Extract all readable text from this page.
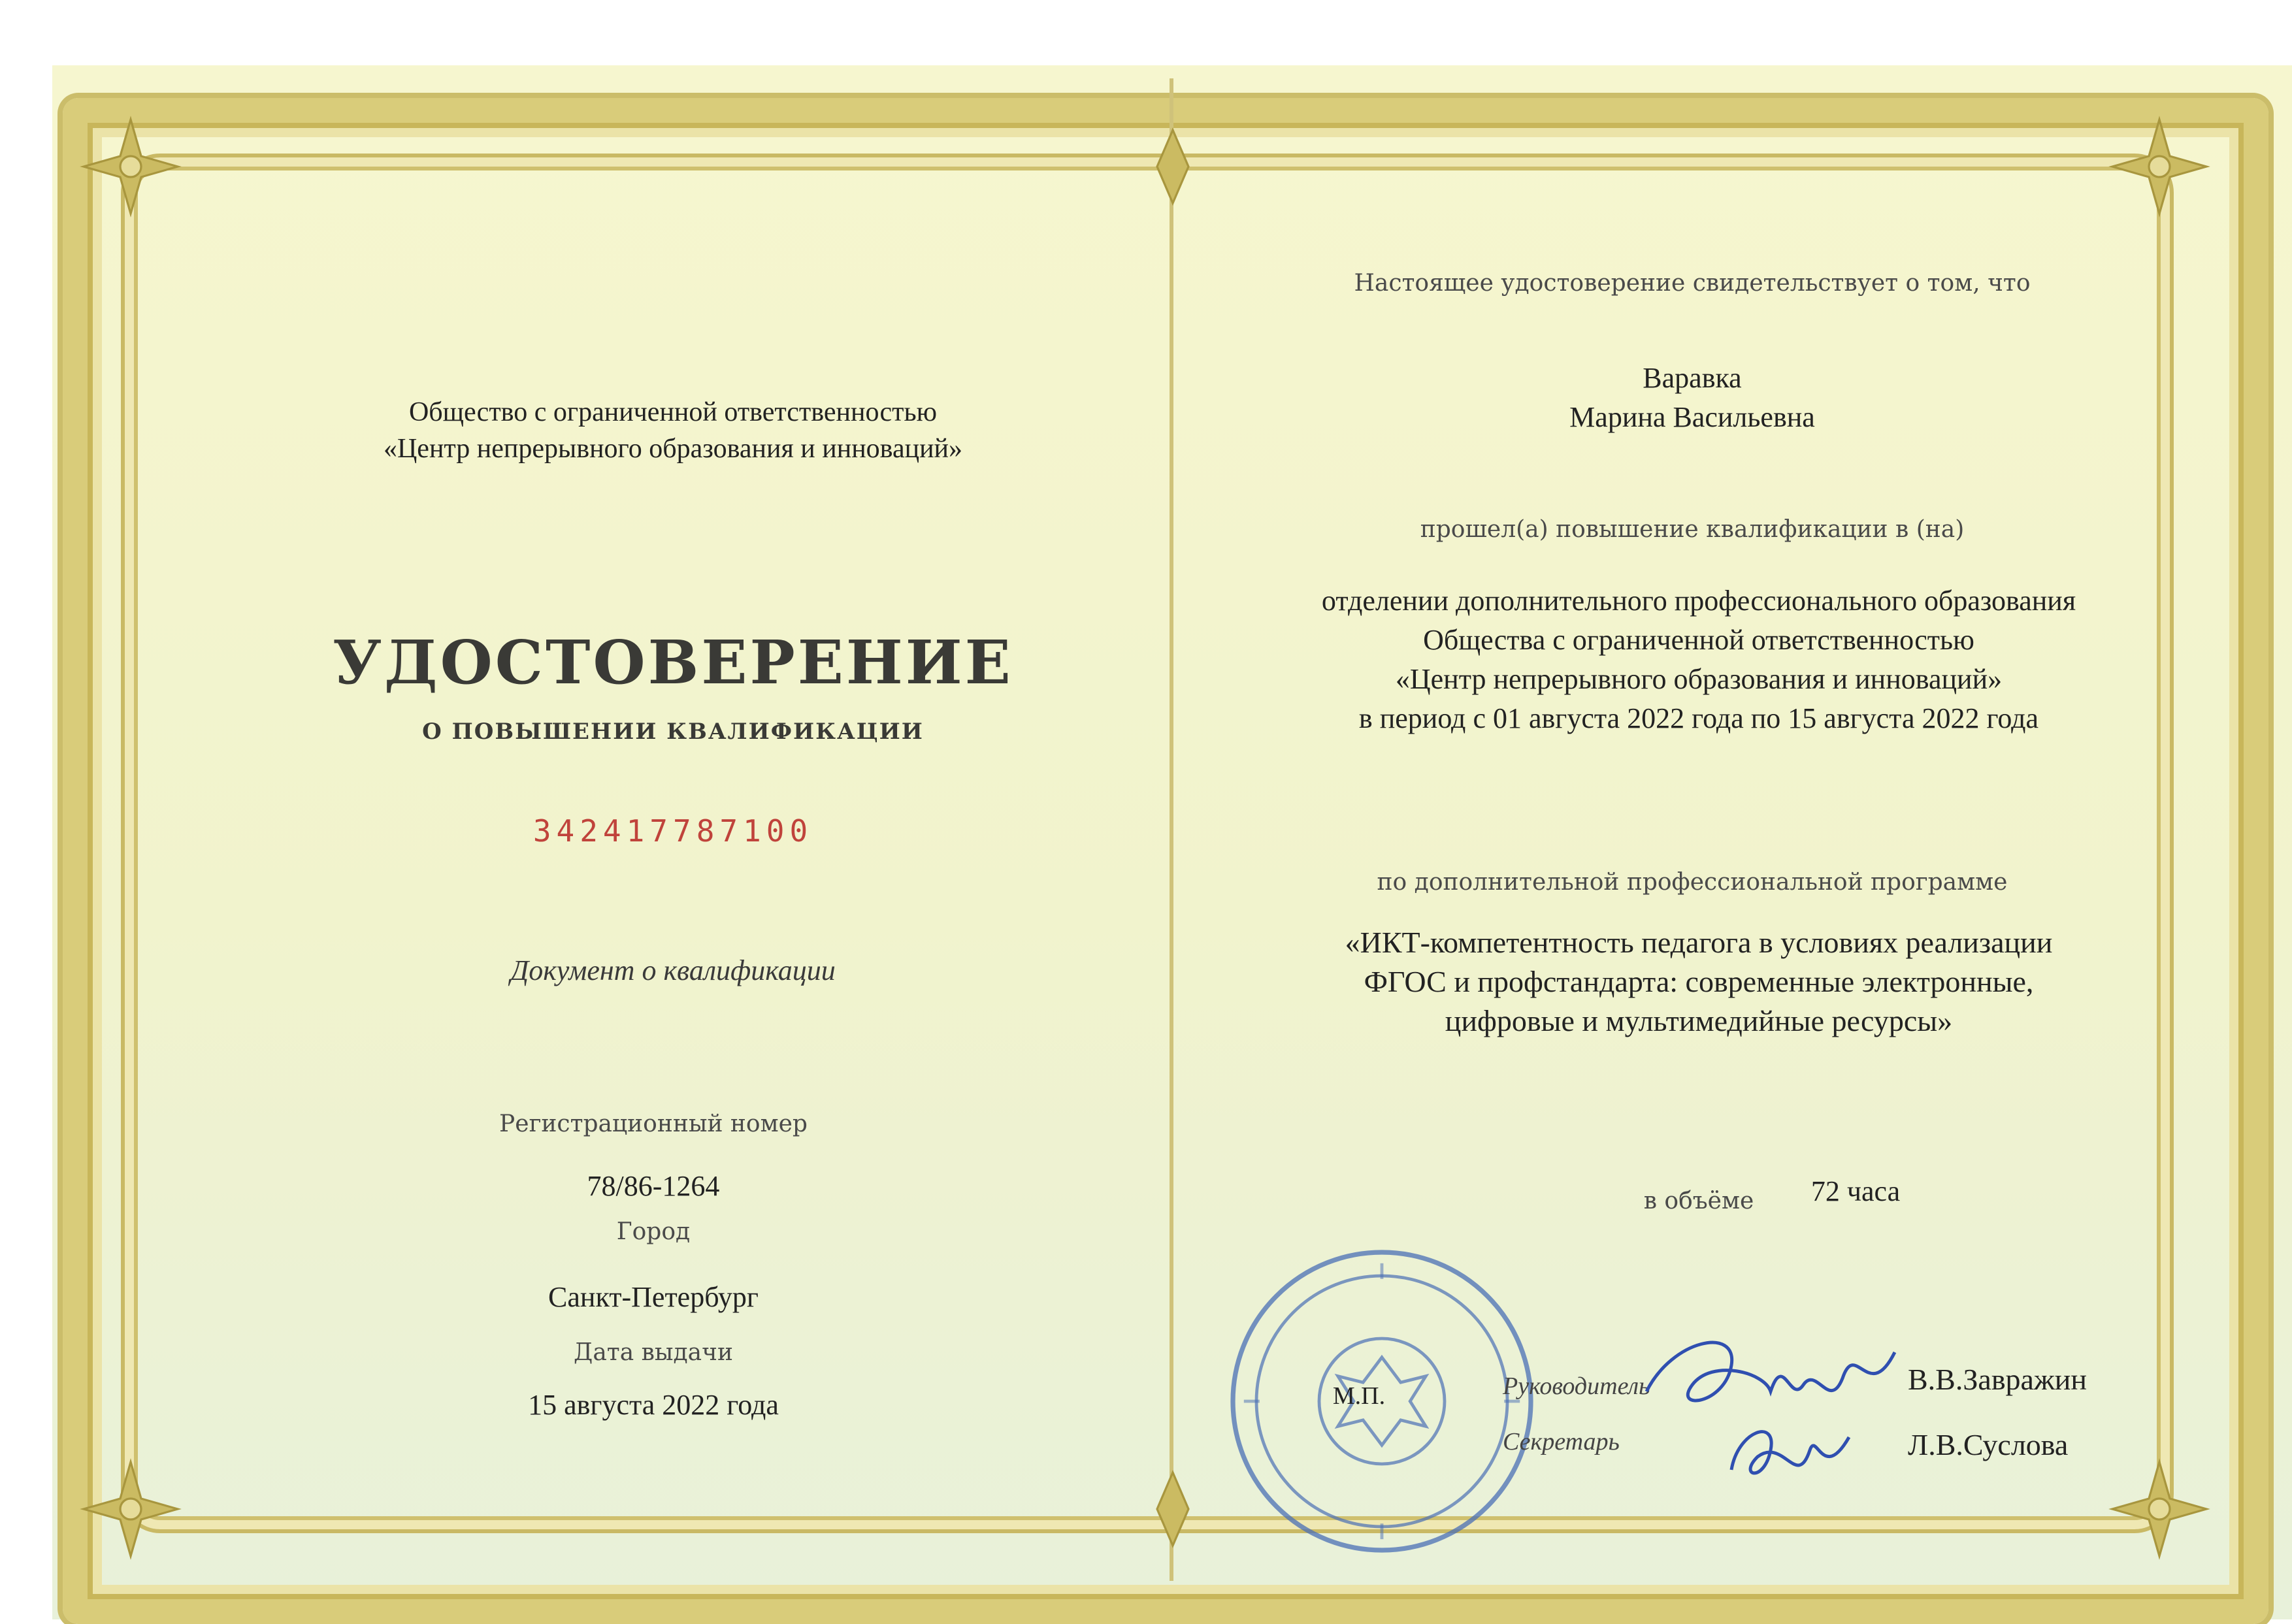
Общество с ограниченной ответственностью
«Центр непрерывного образования и инноваций»
УДОСТОВЕРЕНИЕ
О ПОВЫШЕНИИ КВАЛИФИКАЦИИ
342417787100
Документ о квалификации
Регистрационный номер
78/86-1264
Город
Санкт-Петербург
Дата выдачи
15 августа 2022 года
Настоящее удостоверение свидетельствует о том, что
Варавка
Марина Васильевна
прошел(а) повышение квалификации в (на)
отделении дополнительного профессионального образования
Общества с ограниченной ответственностью
«Центр непрерывного образования и инноваций»
в период с 01 августа 2022 года по 15 августа 2022 года
по дополнительной профессиональной программе
«ИКТ-компетентность педагога в условиях реализации
ФГОС и профстандарта: современные электронные,
цифровые и мультимедийные ресурсы»
в объёме	72 часа
М.П.	Руководитель
Секретарь
В.В.Завражин
Л.В.Суслова
